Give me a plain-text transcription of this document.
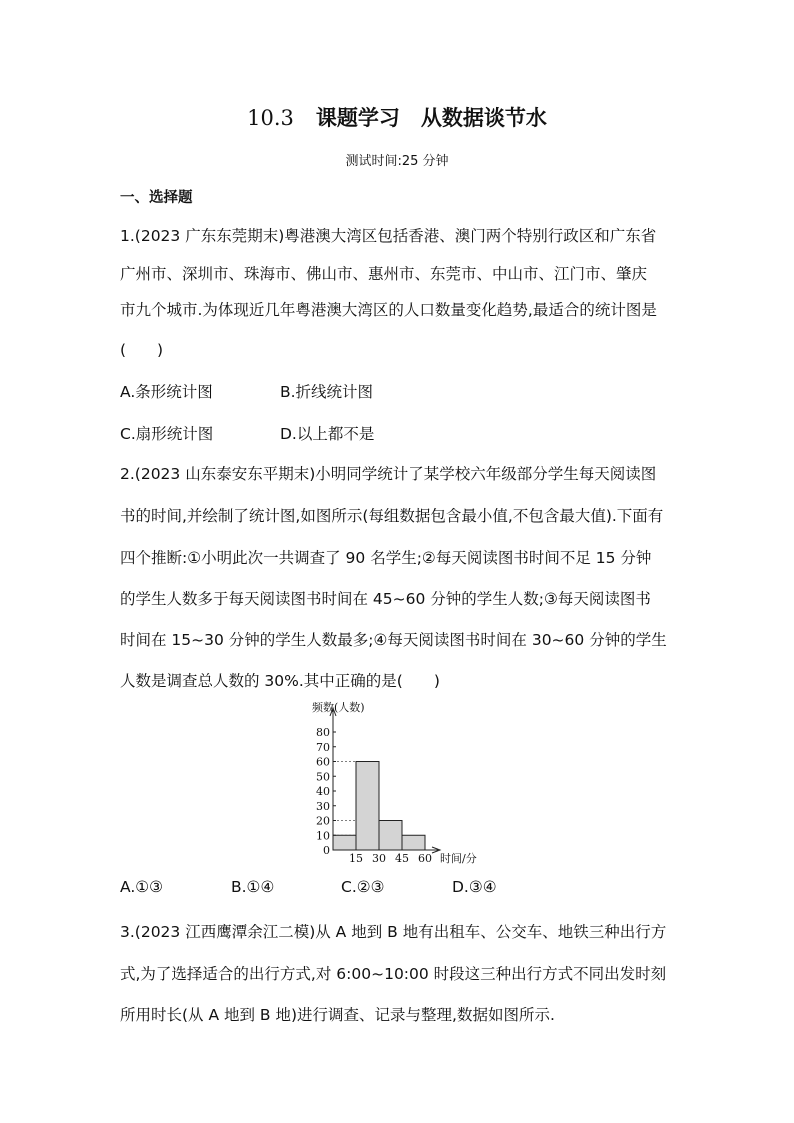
10.3 课题学习　从数据谈节水
测试时间:25 分钟
一、选择题
1.(2023 广东东莞期末)粤港澳大湾区包括香港、澳门两个特别行政区和广东省
广州市、深圳市、珠海市、佛山市、惠州市、东莞市、中山市、江门市、肇庆
市九个城市.为体现近几年粤港澳大湾区的人口数量变化趋势,最适合的统计图是
(　　)
A.条形统计图	B.折线统计图
C.扇形统计图	D.以上都不是
2.(2023 山东泰安东平期末)小明同学统计了某学校六年级部分学生每天阅读图
书的时间,并绘制了统计图,如图所示(每组数据包含最小值,不包含最大值).下面有
四个推断:①小明此次一共调查了 90 名学生;②每天阅读图书时间不足 15 分钟
的学生人数多于每天阅读图书时间在 45~60 分钟的学生人数;③每天阅读图书
时间在 15~30 分钟的学生人数最多;④每天阅读图书时间在 30~60 分钟的学生
人数是调查总人数的 30%.其中正确的是(　　)
0
10
20
30
40
50
60
70
80
15 30 45 60
频数(人数)
时间/分
A.①③	B.①④	C.②③	D.③④
3.(2023 江西鹰潭余江二模)从 A 地到 B 地有出租车、公交车、地铁三种出行方
式,为了选择适合的出行方式,对 6:00~10:00 时段这三种出行方式不同出发时刻
所用时长(从 A 地到 B 地)进行调查、记录与整理,数据如图所示.
